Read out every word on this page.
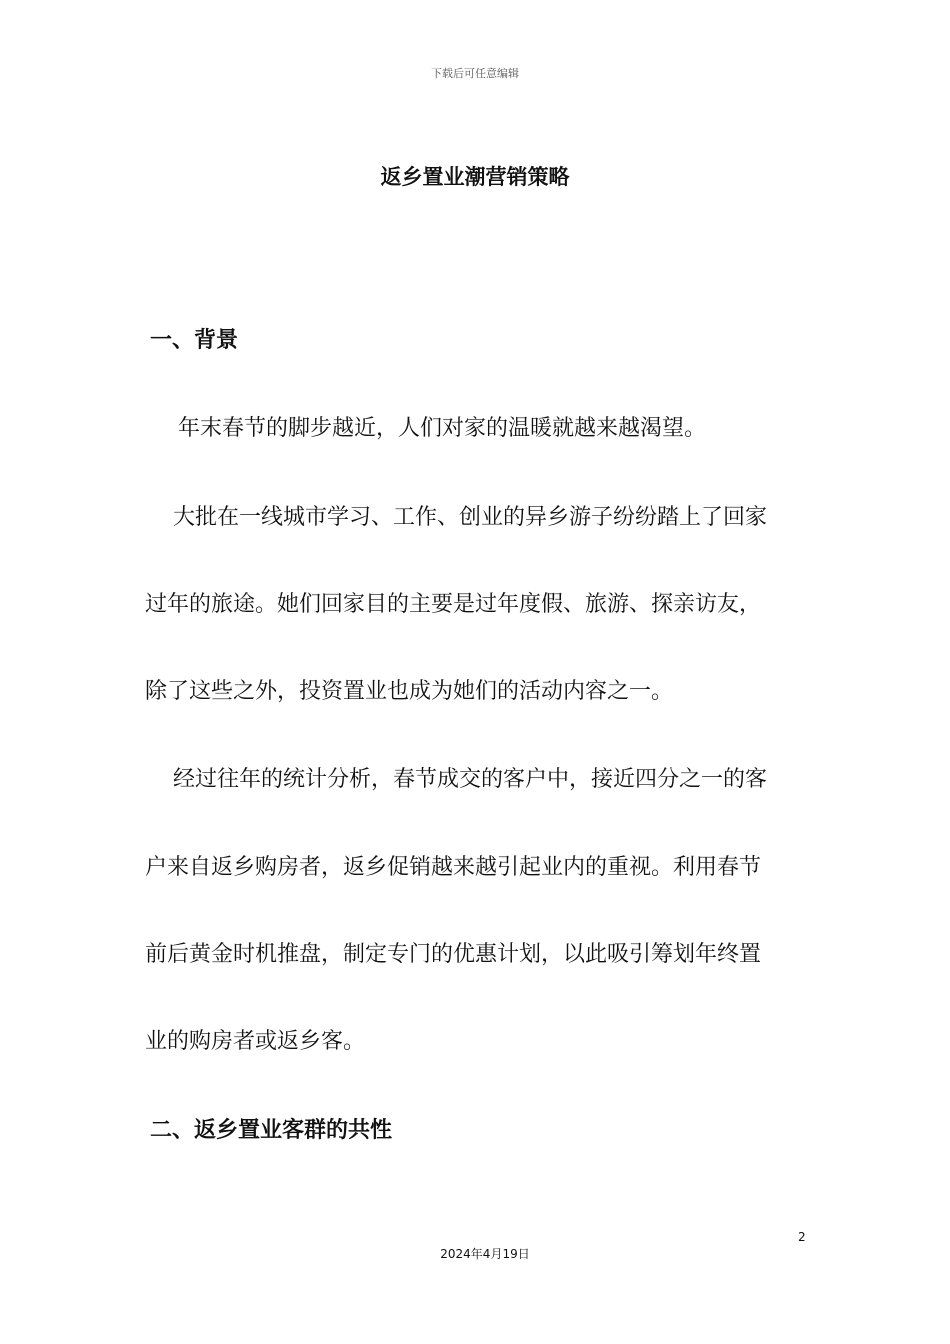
下载后可任意编辑
返乡置业潮营销策略
一、背景
年末春节的脚步越近，人们对家的温暖就越来越渴望。
大批在一线城市学习、工作、创业的异乡游子纷纷踏上了回家
过年的旅途。她们回家目的主要是过年度假、旅游、探亲访友，
除了这些之外，投资置业也成为她们的活动内容之一。
经过往年的统计分析，春节成交的客户中，接近四分之一的客
户来自返乡购房者，返乡促销越来越引起业内的重视。利用春节
前后黄金时机推盘，制定专门的优惠计划，以此吸引筹划年终置
业的购房者或返乡客。
二、返乡置业客群的共性
2
2024年4月19日
